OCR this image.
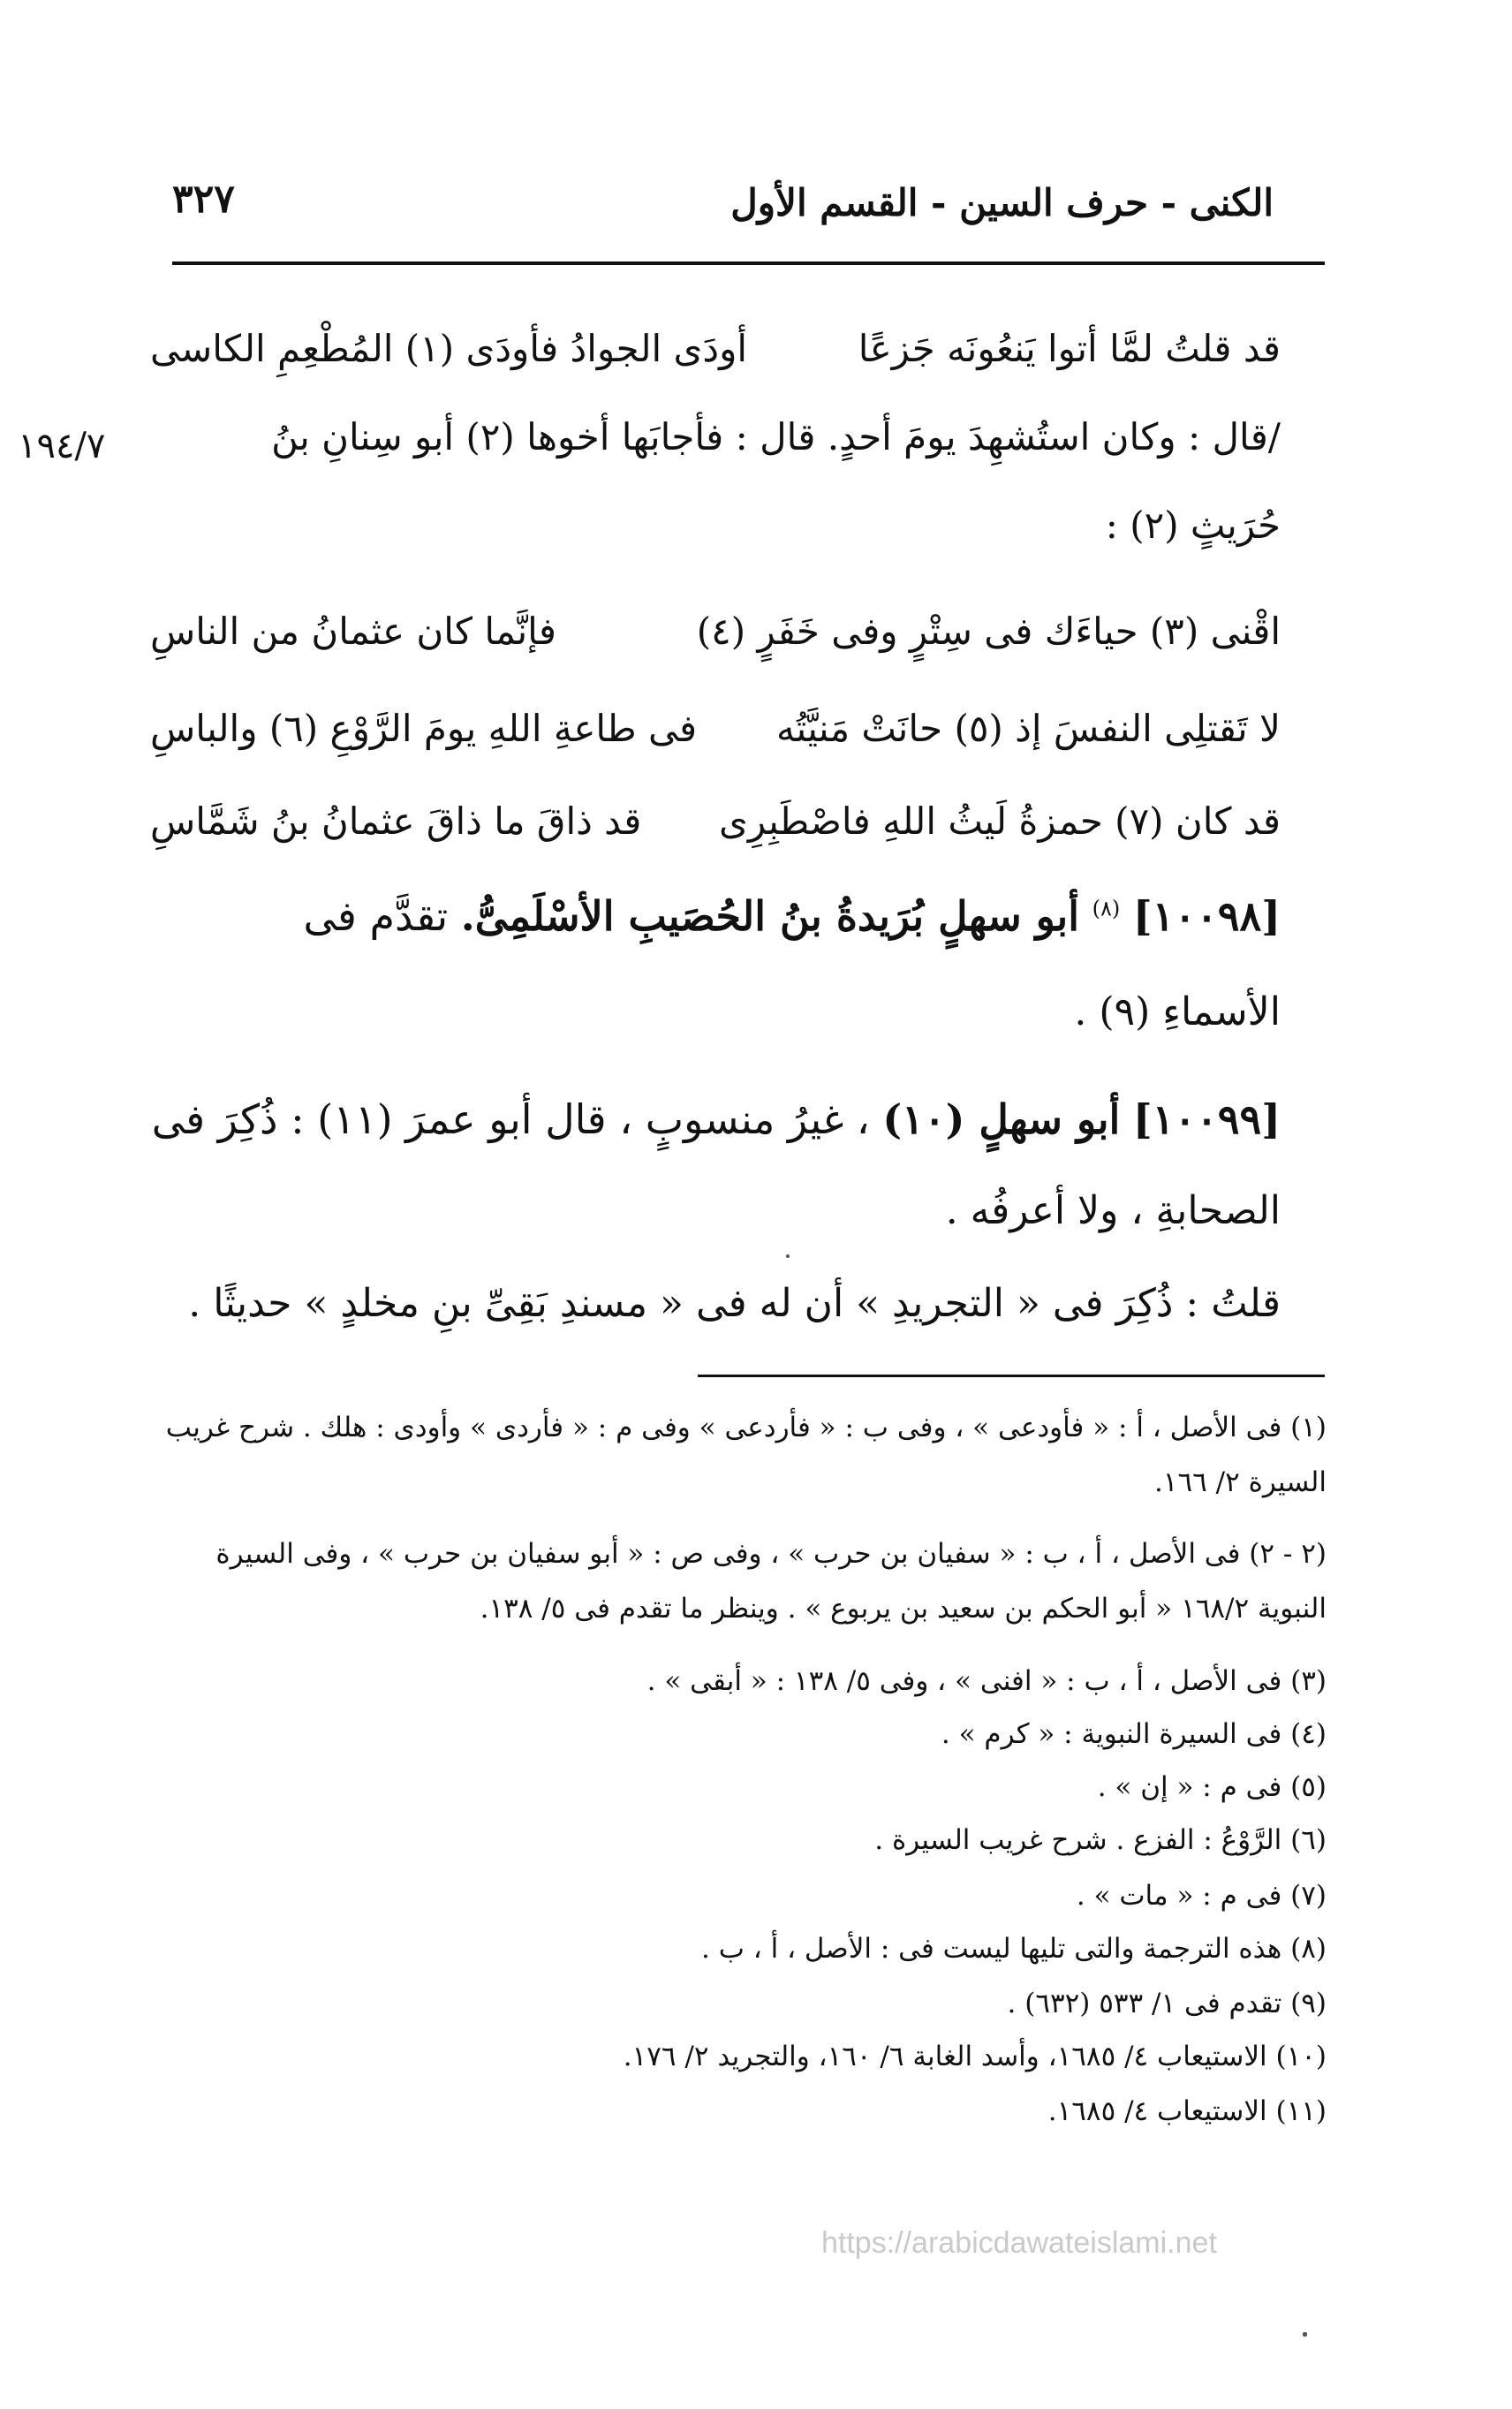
الكنى - حرف السين - القسم الأول
٣٢٧
قد قلتُ لمَّا أتوا يَنعُونَه جَزعًا
أودَى الجوادُ فأودَى (١) المُطْعِمِ الكاسى
/قال : وكان استُشهِدَ يومَ أحدٍ. قال : فأجابَها أخوها (٢) أبو سِنانِ بنُ
١٩٤/٧
حُرَيثٍ (٢) :
اقْنى (٣) حياءَك فى سِتْرٍ وفى خَفَرٍ (٤)
فإنَّما كان عثمانُ من الناسِ
لا تَقتلِى النفسَ إذ (٥) حانَتْ مَنيَّتُه
فى طاعةِ اللهِ يومَ الرَّوْعِ (٦) والباسِ
قد كان (٧) حمزةُ لَيثُ اللهِ فاصْطَبِرِى
قد ذاقَ ما ذاقَ عثمانُ بنُ شَمَّاسِ
[١٠٠٩٨] $^{(٨)}$ أبو سهلٍ بُرَيدةُ بنُ الحُصَيبِ الأسْلَمِىُّ. تقدَّم فى
الأسماءِ (٩) .
[١٠٠٩٩] أبو سهلٍ (١٠) ، غيرُ منسوبٍ ، قال أبو عمرَ (١١) : ذُكِرَ فى
الصحابةِ ، ولا أعرفُه .
قلتُ : ذُكِرَ فى « التجريدِ » أن له فى « مسندِ بَقِىِّ بنِ مخلدٍ » حديثًا .
(١) فى الأصل ، أ : « فأودعى » ، وفى ب : « فأردعى » وفى م : « فأردى » وأودى : هلك . شرح غريب السيرة ٢/ ١٦٦.
(٢ - ٢) فى الأصل ، أ ، ب : « سفيان بن حرب » ، وفى ص : « أبو سفيان بن حرب » ، وفى السيرة النبوية ١٦٨/٢ « أبو الحكم بن سعيد بن يربوع » . وينظر ما تقدم فى ٥/ ١٣٨.
(٣) فى الأصل ، أ ، ب : « افنى » ، وفى ٥/ ١٣٨ : « أبقى » .
(٤) فى السيرة النبوية : « كرم » .
(٥) فى م : « إن » .
(٦) الرَّوْعُ : الفزع . شرح غريب السيرة .
(٧) فى م : « مات » .
(٨) هذه الترجمة والتى تليها ليست فى : الأصل ، أ ، ب .
(٩) تقدم فى ١/ ٥٣٣ (٦٣٢) .
(١٠) الاستيعاب ٤/ ١٦٨٥، وأسد الغابة ٦/ ١٦٠، والتجريد ٢/ ١٧٦.
(١١) الاستيعاب ٤/ ١٦٨٥.
https://arabicdawateislami.net
